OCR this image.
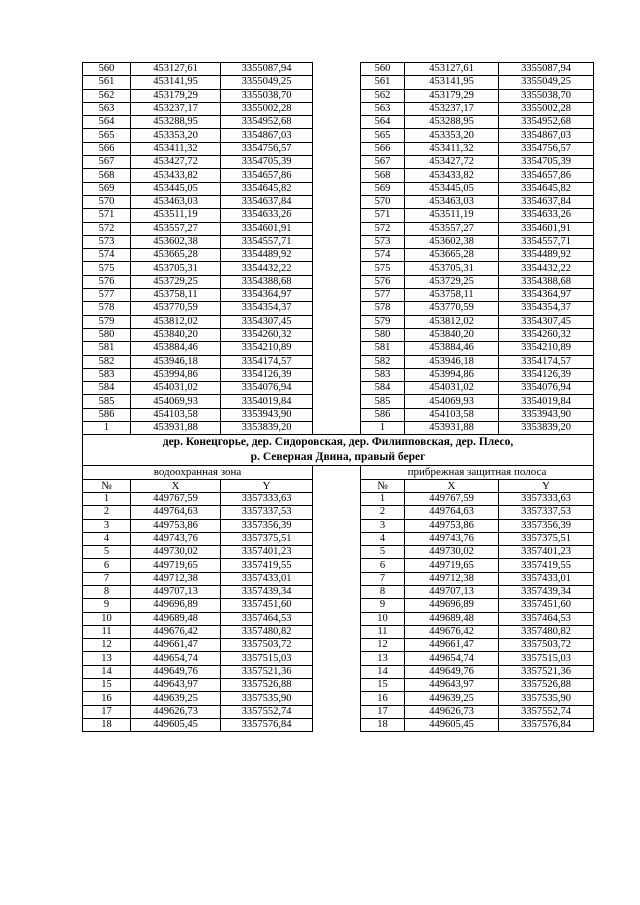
560	453127,61	3355087,94		560	453127,61	3355087,94
561	453141,95	3355049,25		561	453141,95	3355049,25
562	453179,29	3355038,70		562	453179,29	3355038,70
563	453237,17	3355002,28		563	453237,17	3355002,28
564	453288,95	3354952,68		564	453288,95	3354952,68
565	453353,20	3354867,03		565	453353,20	3354867,03
566	453411,32	3354756,57		566	453411,32	3354756,57
567	453427,72	3354705,39		567	453427,72	3354705,39
568	453433,82	3354657,86		568	453433,82	3354657,86
569	453445,05	3354645,82		569	453445,05	3354645,82
570	453463,03	3354637,84		570	453463,03	3354637,84
571	453511,19	3354633,26		571	453511,19	3354633,26
572	453557,27	3354601,91		572	453557,27	3354601,91
573	453602,38	3354557,71		573	453602,38	3354557,71
574	453665,28	3354489,92		574	453665,28	3354489,92
575	453705,31	3354432,22		575	453705,31	3354432,22
576	453729,25	3354388,68		576	453729,25	3354388,68
577	453758,11	3354364,97		577	453758,11	3354364,97
578	453770,59	3354354,37		578	453770,59	3354354,37
579	453812,02	3354307,45		579	453812,02	3354307,45
580	453840,20	3354260,32		580	453840,20	3354260,32
581	453884,46	3354210,89		581	453884,46	3354210,89
582	453946,18	3354174,57		582	453946,18	3354174,57
583	453994,86	3354126,39		583	453994,86	3354126,39
584	454031,02	3354076,94		584	454031,02	3354076,94
585	454069,93	3354019,84		585	454069,93	3354019,84
586	454103,58	3353943,90		586	454103,58	3353943,90
1	453931,88	3353839,20		1	453931,88	3353839,20

дер. Конецгорье, дер. Сидоровская, дер. Филипповская, дер. Плесо,
р. Северная Двина, правый берег						

водоохранная зона				прибрежная защитная полоса		
№	X	Y		№	X	Y
1	449767,59	3357333,63		1	449767,59	3357333,63
2	449764,63	3357337,53		2	449764,63	3357337,53
3	449753,86	3357356,39		3	449753,86	3357356,39
4	449743,76	3357375,51		4	449743,76	3357375,51
5	449730,02	3357401,23		5	449730,02	3357401,23
6	449719,65	3357419,55		6	449719,65	3357419,55
7	449712,38	3357433,01		7	449712,38	3357433,01
8	449707,13	3357439,34		8	449707,13	3357439,34
9	449696,89	3357451,60		9	449696,89	3357451,60
10	449689,48	3357464,53		10	449689,48	3357464,53
11	449676,42	3357480,82		11	449676,42	3357480,82
12	449661,47	3357503,72		12	449661,47	3357503,72
13	449654,74	3357515,03		13	449654,74	3357515,03
14	449649,76	3357521,36		14	449649,76	3357521,36
15	449643,97	3357526,88		15	449643,97	3357526,88
16	449639,25	3357535,90		16	449639,25	3357535,90
17	449626,73	3357552,74		17	449626,73	3357552,74
18	449605,45	3357576,84		18	449605,45	3357576,84
